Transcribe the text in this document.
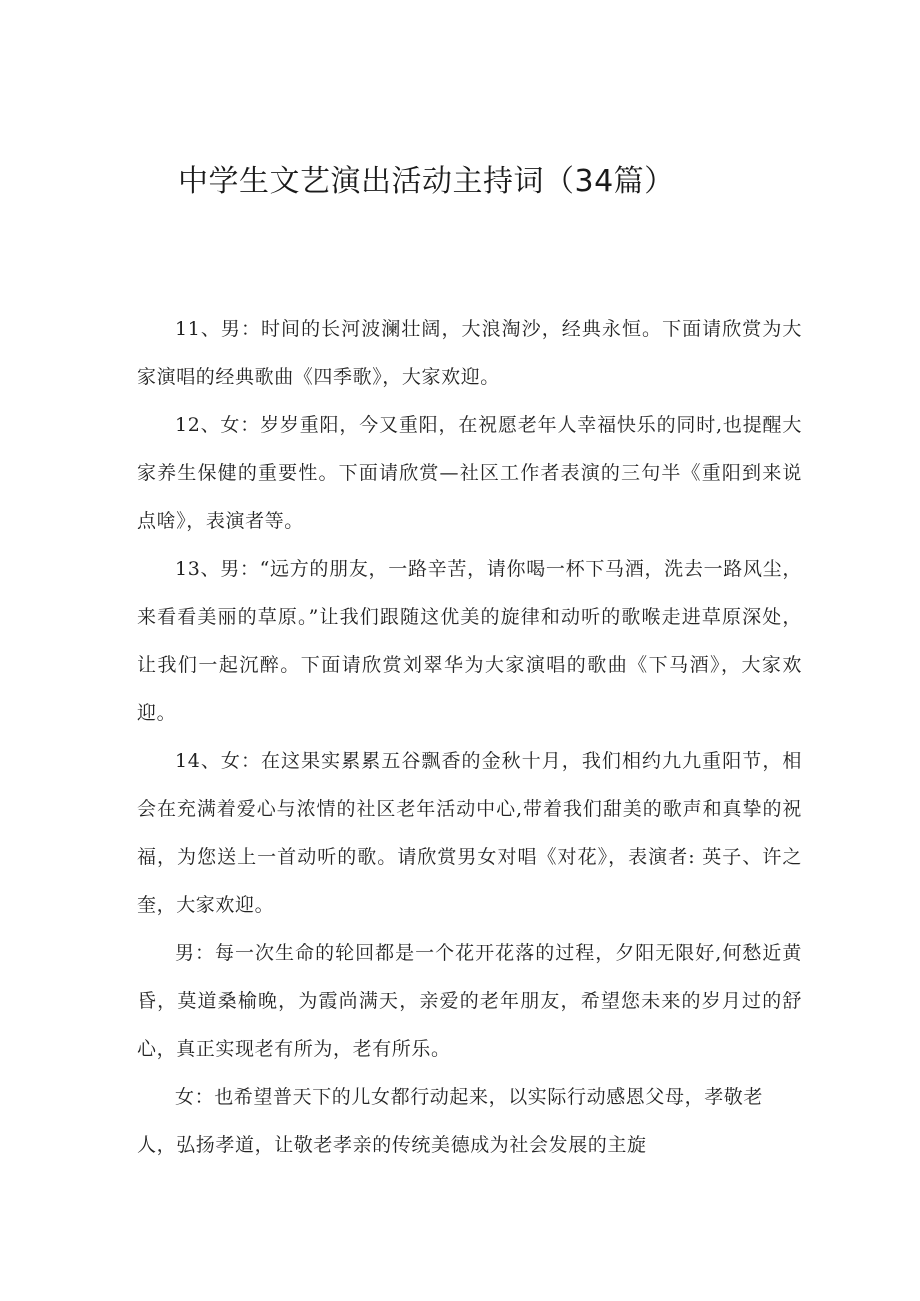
中学生文艺演出活动主持词（34篇）

11、男：时间的长河波澜壮阔，大浪淘沙，经典永恒。下面请欣赏为大家演唱的经典歌曲《四季歌》，大家欢迎。

12、女：岁岁重阳，今又重阳，在祝愿老年人幸福快乐的同时,也提醒大家养生保健的重要性。下面请欣赏—社区工作者表演的三句半《重阳到来说点啥》，表演者等。

13、男：“远方的朋友，一路辛苦，请你喝一杯下马酒，洗去一路风尘，来看看美丽的草原。”让我们跟随这优美的旋律和动听的歌喉走进草原深处，让我们一起沉醉。下面请欣赏刘翠华为大家演唱的歌曲《下马酒》，大家欢迎。

14、女：在这果实累累五谷飘香的金秋十月，我们相约九九重阳节，相会在充满着爱心与浓情的社区老年活动中心,带着我们甜美的歌声和真挚的祝福，为您送上一首动听的歌。请欣赏男女对唱《对花》，表演者: 英子、许之奎，大家欢迎。

男：每一次生命的轮回都是一个花开花落的过程，夕阳无限好,何愁近黄昏，莫道桑榆晚，为霞尚满天，亲爱的老年朋友，希望您未来的岁月过的舒心，真正实现老有所为，老有所乐。

女：也希望普天下的儿女都行动起来，以实际行动感恩父母，孝敬老人，弘扬孝道，让敬老孝亲的传统美德成为社会发展的主旋
